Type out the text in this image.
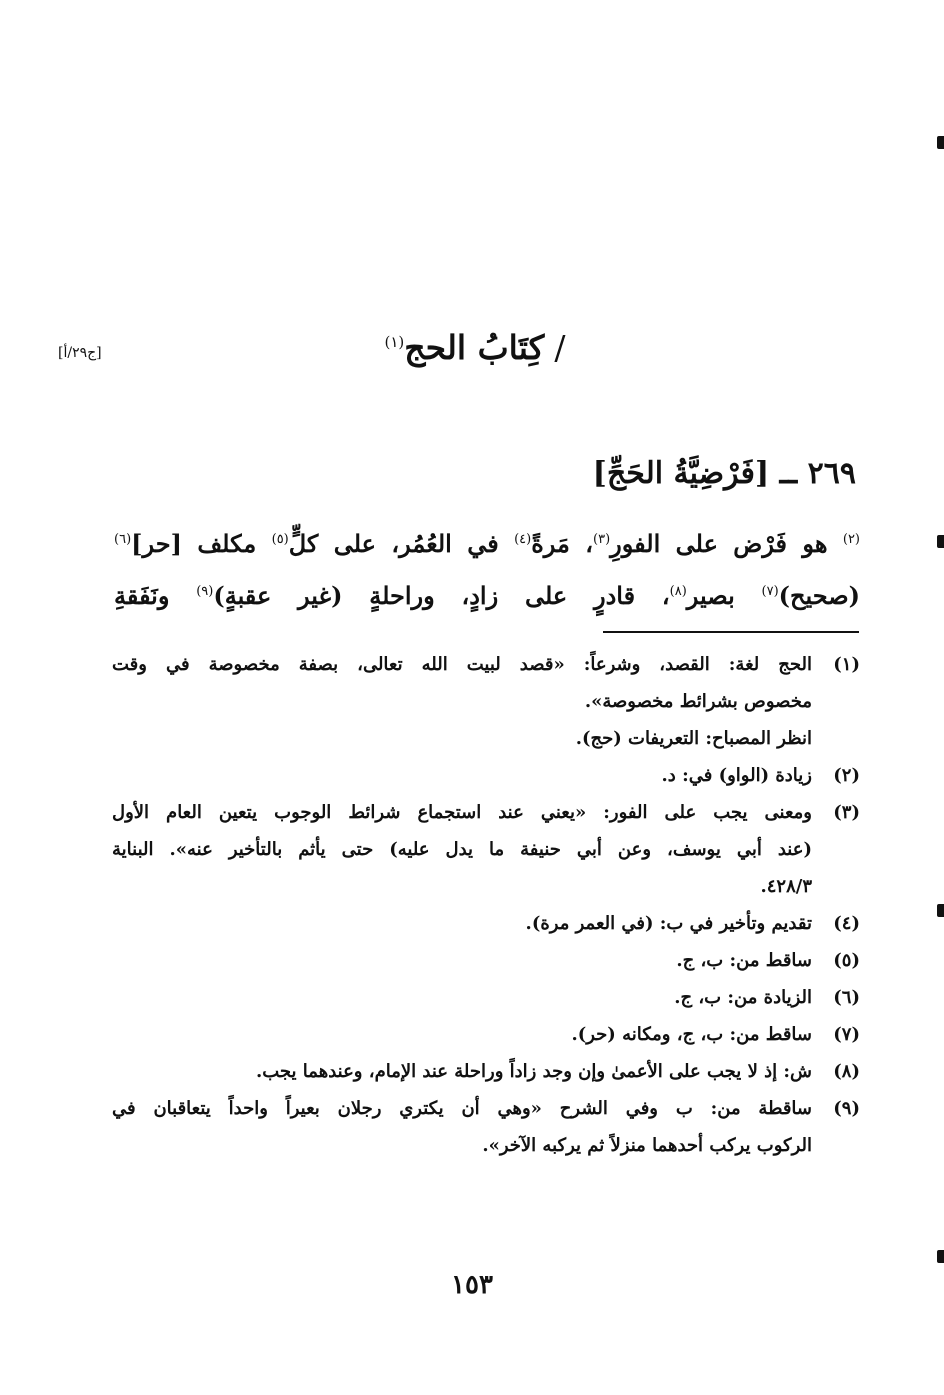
[ج٢٩/أ]	/كِتَابُ الحج$^{(١)}$
٢٦٩ ــ [فَرْضِيَّةُ الحَجِّ]
$^{(٢)}$ هو فَرْض على الفورِ$^{(٣)}$، مَرةً$^{(٤)}$ في العُمُر، على كلٍّ$^{(٥)}$ مكلف [حر]$^{(٦)}$ (صحيح)$^{(٧)}$ بصير$^{(٨)}$، قادرٍ على زادٍ، وراحلةٍ (غير عقبةٍ)$^{(٩)}$ ونَفَقةِ
(١)
الحج لغة: القصد، وشرعاً: «قصد لبيت الله تعالى، بصفة مخصوصة في وقت
مخصوص بشرائط مخصوصة».
انظر المصباح: التعريفات (حج).
(٢)
زيادة (الواو) في: د.
(٣)
ومعنى يجب على الفور: «يعني عند استجماع شرائط الوجوب يتعين العام الأول
(عند أبي يوسف، وعن أبي حنيفة ما يدل عليه) حتى يأثم بالتأخير عنه». البناية
٤٢٨/٣.
(٤)
تقديم وتأخير في ب: (في العمر مرة).
(٥)
ساقط من: ب، ج.
(٦)
الزيادة من: ب، ج.
(٧)
ساقط من: ب، ج، ومكانه (حر).
(٨)
ش: إذ لا يجب على الأعمىٰ وإن وجد زاداً وراحلة عند الإمام، وعندهما يجب.
(٩)
ساقطة من: ب وفي الشرح «وهي أن يكتري رجلان بعيراً واحداً يتعاقبان في
الركوب يركب أحدهما منزلاً ثم يركبه الآخر».
١٥٣
